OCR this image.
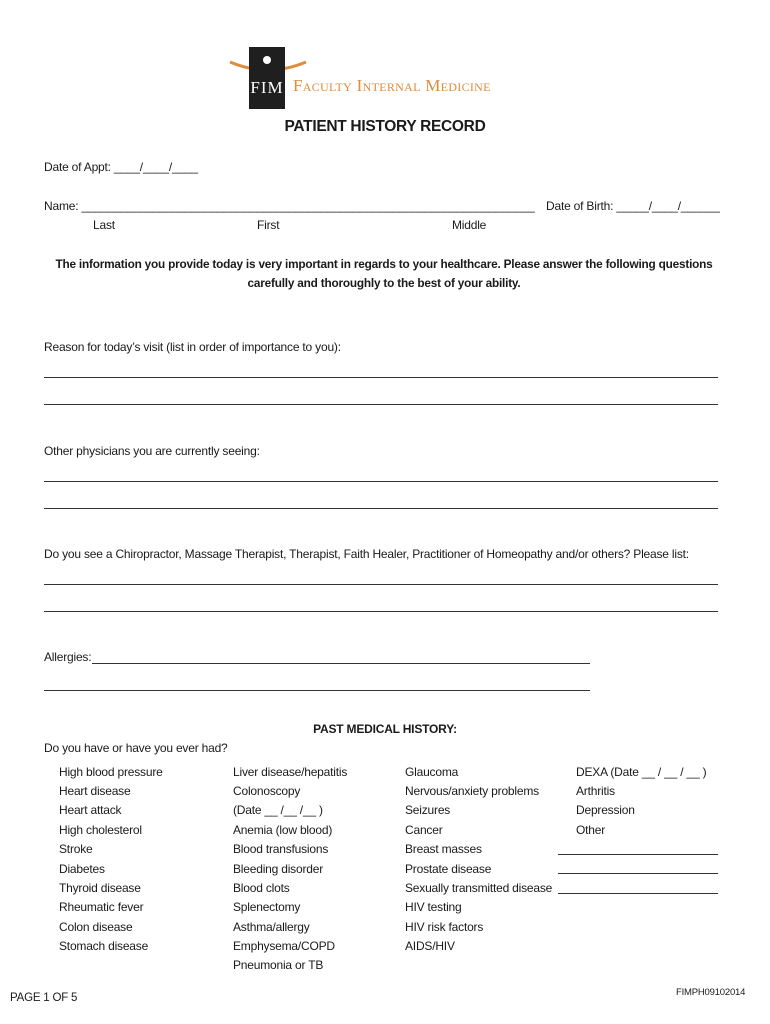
FIM Faculty Internal Medicine
PATIENT HISTORY RECORD
Date of Appt: ____/____/____
Name: ______________________________________________________________________ Date of Birth: _____/____/______
Last	First	Middle
The information you provide today is very important in regards to your healthcare. Please answer the following questions carefully and thoroughly to the best of your ability.
Reason for today’s visit (list in order of importance to you):
Other physicians you are currently seeing:
Do you see a Chiropractor, Massage Therapist, Therapist, Faith Healer, Practitioner of Homeopathy and/or others? Please list:
Allergies:
PAST MEDICAL HISTORY:
Do you have or have you ever had?
High blood pressure
Heart disease
Heart attack
High cholesterol
Stroke
Diabetes
Thyroid disease
Rheumatic fever
Colon disease
Stomach disease
Liver disease/hepatitis
Colonoscopy
(Date __ /__ /__ )
Anemia (low blood)
Blood transfusions
Bleeding disorder
Blood clots
Splenectomy
Asthma/allergy
Emphysema/COPD
Pneumonia or TB
Glaucoma
Nervous/anxiety problems
Seizures
Cancer
Breast masses
Prostate disease
Sexually transmitted disease
HIV testing
HIV risk factors
AIDS/HIV
DEXA (Date __ / __ / __ )
Arthritis
Depression
Other
PAGE 1 OF 5	FIMPH09102014
